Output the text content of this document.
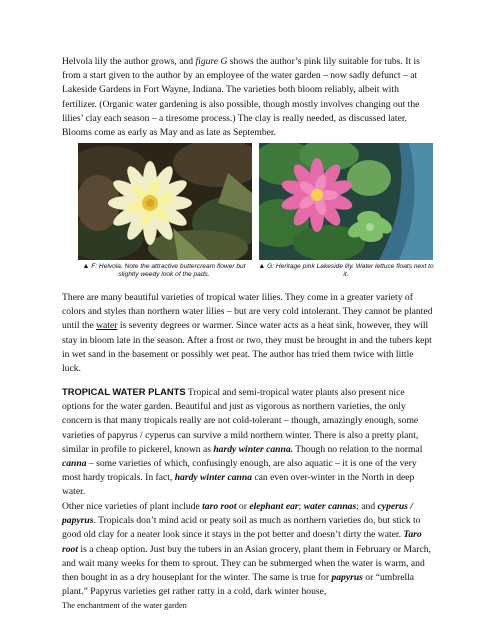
Helvola lily the author grows, and figure G shows the author’s pink lily suitable for tubs. It is from a start given to the author by an employee of the water garden – now sadly defunct – at Lakeside Gardens in Fort Wayne, Indiana. The varieties both bloom reliably, albeit with fertilizer. (Organic water gardening is also possible, though mostly involves changing out the lilies’ clay each season – a tiresome process.) The clay is really needed, as discussed later. Blooms come as early as May and as late as September.

▲ F: Helvola. Note the attractive buttercream flower but slightly weedy look of the pads.
▲ G: Heritage pink Lakeside lily. Water lettuce floats next to it.

There are many beautiful varieties of tropical water lilies. They come in a greater variety of colors and styles than northern water lilies – but are very cold intolerant. They cannot be planted until the water is seventy degrees or warmer. Since water acts as a heat sink, however, they will stay in bloom late in the season. After a frost or two, they must be brought in and the tubers kept in wet sand in the basement or possibly wet peat. The author has tried them twice with little luck.

TROPICAL WATER PLANTS Tropical and semi-tropical water plants also present nice options for the water garden. Beautiful and just as vigorous as northern varieties, the only concern is that many tropicals really are not cold-tolerant – though, amazingly enough, some varieties of papyrus / cyperus can survive a mild northern winter. There is also a pretty plant, similar in profile to pickerel, known as hardy winter canna. Though no relation to the normal canna – some varieties of which, confusingly enough, are also aquatic – it is one of the very most hardy tropicals. In fact, hardy winter canna can even over-winter in the North in deep water.

Other nice varieties of plant include taro root or elephant ear; water cannas; and cyperus / papyrus. Tropicals don’t mind acid or peaty soil as much as northern varieties do, but stick to good old clay for a neater look since it stays in the pot better and doesn’t dirty the water. Taro root is a cheap option. Just buy the tubers in an Asian grocery, plant them in February or March, and wait many weeks for them to sprout. They can be submerged when the water is warm, and then bought in as a dry houseplant for the winter. The same is true for papyrus or “umbrella plant.” Papyrus varieties get rather ratty in a cold, dark winter house,

The enchantment of the water garden
